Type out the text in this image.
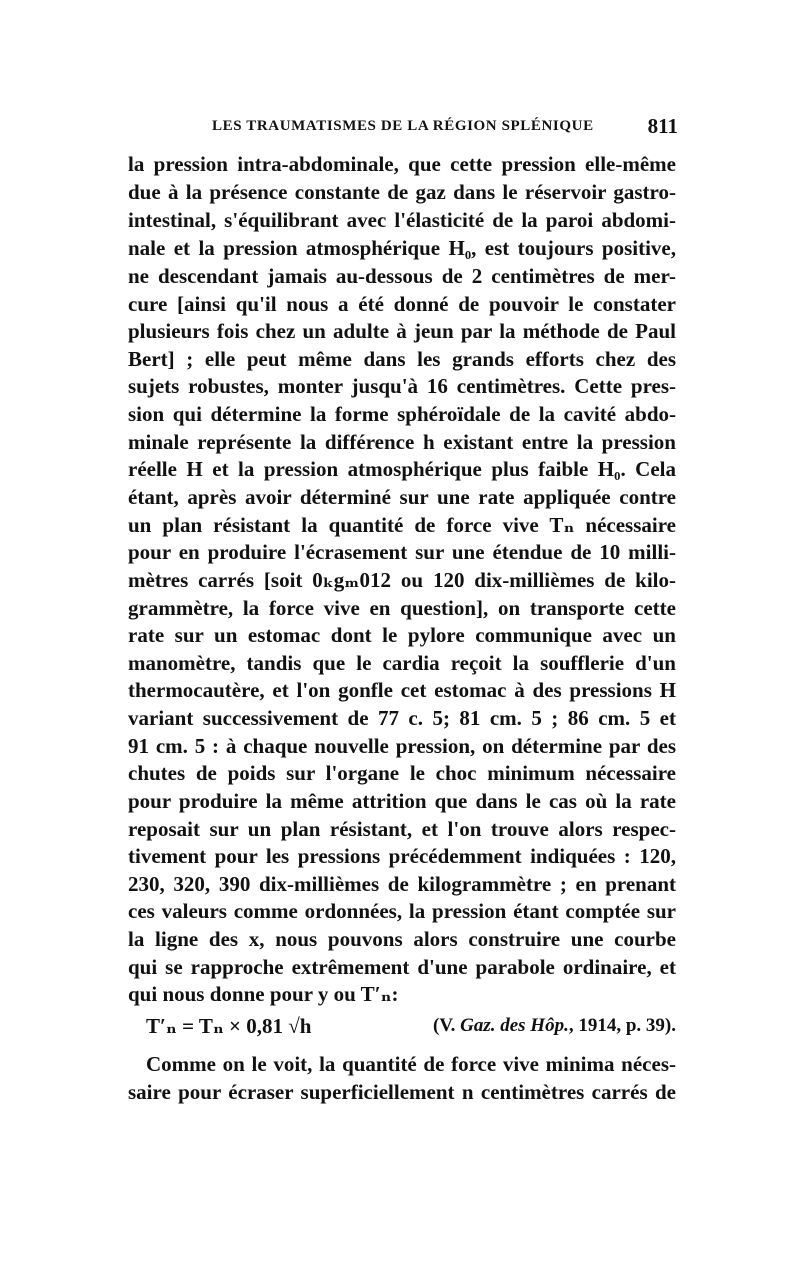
LES TRAUMATISMES DE LA RÉGION SPLÉNIQUE	811
la pression intra-abdominale, que cette pression elle-même
due à la présence constante de gaz dans le réservoir gastro-
intestinal, s'équilibrant avec l'élasticité de la paroi abdomi-
nale et la pression atmosphérique H₀, est toujours positive,
ne descendant jamais au-dessous de 2 centimètres de mer-
cure [ainsi qu'il nous a été donné de pouvoir le constater
plusieurs fois chez un adulte à jeun par la méthode de Paul
Bert] ; elle peut même dans les grands efforts chez des
sujets robustes, monter jusqu'à 16 centimètres. Cette pres-
sion qui détermine la forme sphéroïdale de la cavité abdo-
minale représente la différence h existant entre la pression
réelle H et la pression atmosphérique plus faible H₀. Cela
étant, après avoir déterminé sur une rate appliquée contre
un plan résistant la quantité de force vive Tₙ nécessaire
pour en produire l'écrasement sur une étendue de 10 milli-
mètres carrés [soit 0ₖgₘ012 ou 120 dix-millièmes de kilo-
grammètre, la force vive en question], on transporte cette
rate sur un estomac dont le pylore communique avec un
manomètre, tandis que le cardia reçoit la soufflerie d'un
thermocautère, et l'on gonfle cet estomac à des pressions H
variant successivement de 77 c. 5; 81 cm. 5 ; 86 cm. 5 et
91 cm. 5 : à chaque nouvelle pression, on détermine par des
chutes de poids sur l'organe le choc minimum nécessaire
pour produire la même attrition que dans le cas où la rate
reposait sur un plan résistant, et l'on trouve alors respec-
tivement pour les pressions précédemment indiquées : 120,
230, 320, 390 dix-millièmes de kilogrammètre ; en prenant
ces valeurs comme ordonnées, la pression étant comptée sur
la ligne des x, nous pouvons alors construire une courbe
qui se rapproche extrêmement d'une parabole ordinaire, et
qui nous donne pour y ou T′ₙ:
T′ₙ = Tₙ × 0,81 √h	(V. Gaz. des Hôp., 1914, p. 39).
Comme on le voit, la quantité de force vive minima néces-
saire pour écraser superficiellement n centimètres carrés de
